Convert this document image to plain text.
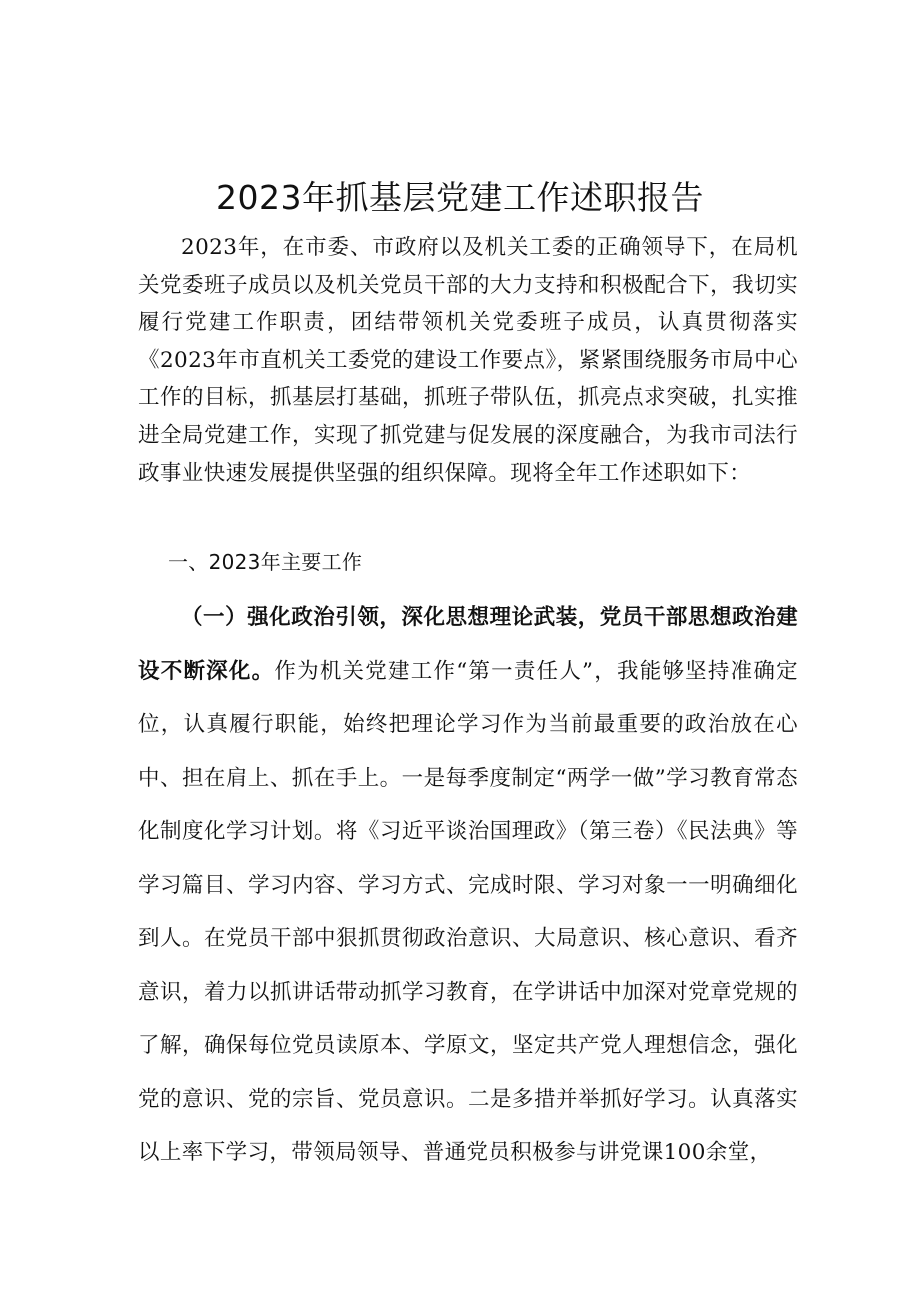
2023年抓基层党建工作述职报告

2023年，在市委、市政府以及机关工委的正确领导下，在局机关党委班子成员以及机关党员干部的大力支持和积极配合下，我切实履行党建工作职责，团结带领机关党委班子成员，认真贯彻落实《2023年市直机关工委党的建设工作要点》，紧紧围绕服务市局中心工作的目标，抓基层打基础，抓班子带队伍，抓亮点求突破，扎实推进全局党建工作，实现了抓党建与促发展的深度融合，为我市司法行政事业快速发展提供坚强的组织保障。现将全年工作述职如下：

一、2023年主要工作

（一）强化政治引领，深化思想理论武装，党员干部思想政治建设不断深化。作为机关党建工作“第一责任人”，我能够坚持准确定位，认真履行职能，始终把理论学习作为当前最重要的政治放在心中、担在肩上、抓在手上。一是每季度制定“两学一做”学习教育常态化制度化学习计划。将《习近平谈治国理政》（第三卷）《民法典》等学习篇目、学习内容、学习方式、完成时限、学习对象一一明确细化到人。在党员干部中狠抓贯彻政治意识、大局意识、核心意识、看齐意识，着力以抓讲话带动抓学习教育，在学讲话中加深对党章党规的了解，确保每位党员读原本、学原文，坚定共产党人理想信念，强化党的意识、党的宗旨、党员意识。二是多措并举抓好学习。认真落实以上率下学习，带领局领导、普通党员积极参与讲党课100余堂，
